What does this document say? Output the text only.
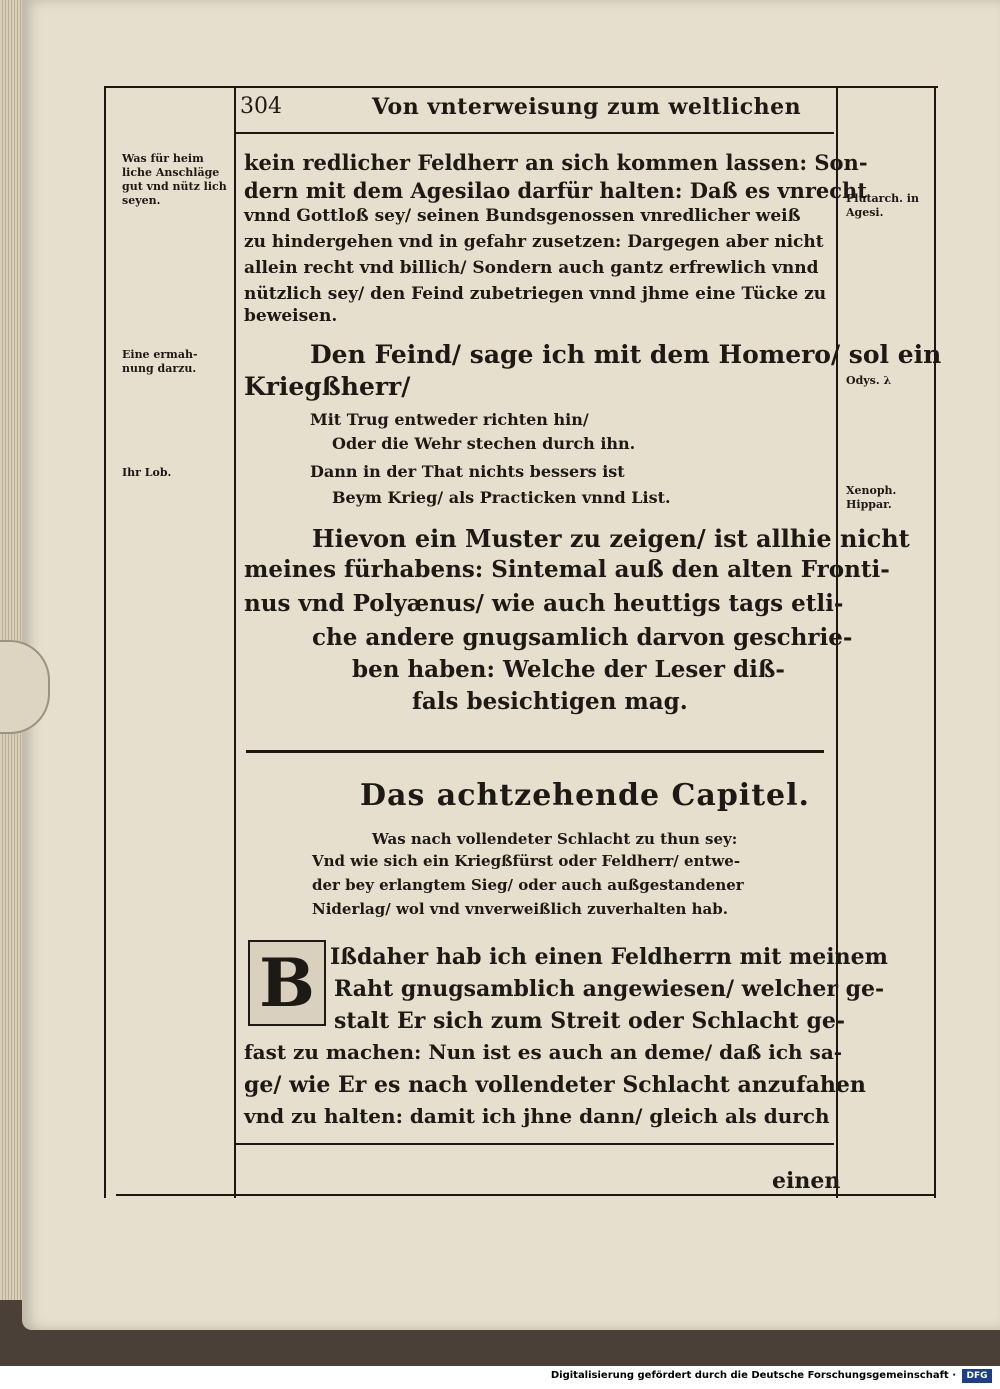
304	Von vnterweisung zum weltlichen
Was für heim liche Anschläge gut vnd nütz lich seyen.
Eine ermah- nung darzu.
Ihr Lob.
Plutarch. in Agesi.
Odys. λ
Xenoph. Hippar.
kein redlicher Feldherr an sich kommen lassen: Son-
dern mit dem Agesilao darfür halten: Daß es vnrecht
vnnd Gottloß sey/ seinen Bundsgenossen vnredlicher weiß
zu hindergehen vnd in gefahr zusetzen: Dargegen aber nicht
allein recht vnd billich/ Sondern auch gantz erfrewlich vnnd
nützlich sey/ den Feind zubetriegen vnnd jhme eine Tücke zu
beweisen.
Den Feind/ sage ich mit dem Homero/ sol ein
Kriegßherr/
Mit Trug entweder richten hin/
Oder die Wehr stechen durch ihn.
Dann in der That nichts bessers ist
Beym Krieg/ als Practicken vnnd List.
Hievon ein Muster zu zeigen/ ist allhie nicht
meines fürhabens: Sintemal auß den alten Fronti-
nus vnd Polyænus/ wie auch heuttigs tags etli-
che andere gnugsamlich darvon geschrie-
ben haben: Welche der Leser diß-
fals besichtigen mag.
Das achtzehende Capitel.
Was nach vollendeter Schlacht zu thun sey:
Vnd wie sich ein Kriegßfürst oder Feldherr/ entwe-
der bey erlangtem Sieg/ oder auch außgestandener
Niderlag/ wol vnd vnverweißlich zuverhalten hab.
B Ißdaher hab ich einen Feldherrn mit meinem
Raht gnugsamblich angewiesen/ welcher ge-
stalt Er sich zum Streit oder Schlacht ge-
fast zu machen: Nun ist es auch an deme/ daß ich sa-
ge/ wie Er es nach vollendeter Schlacht anzufahen
vnd zu halten: damit ich jhne dann/ gleich als durch
einen
Digitalisierung gefördert durch die Deutsche Forschungsgemeinschaft ·	DFG
